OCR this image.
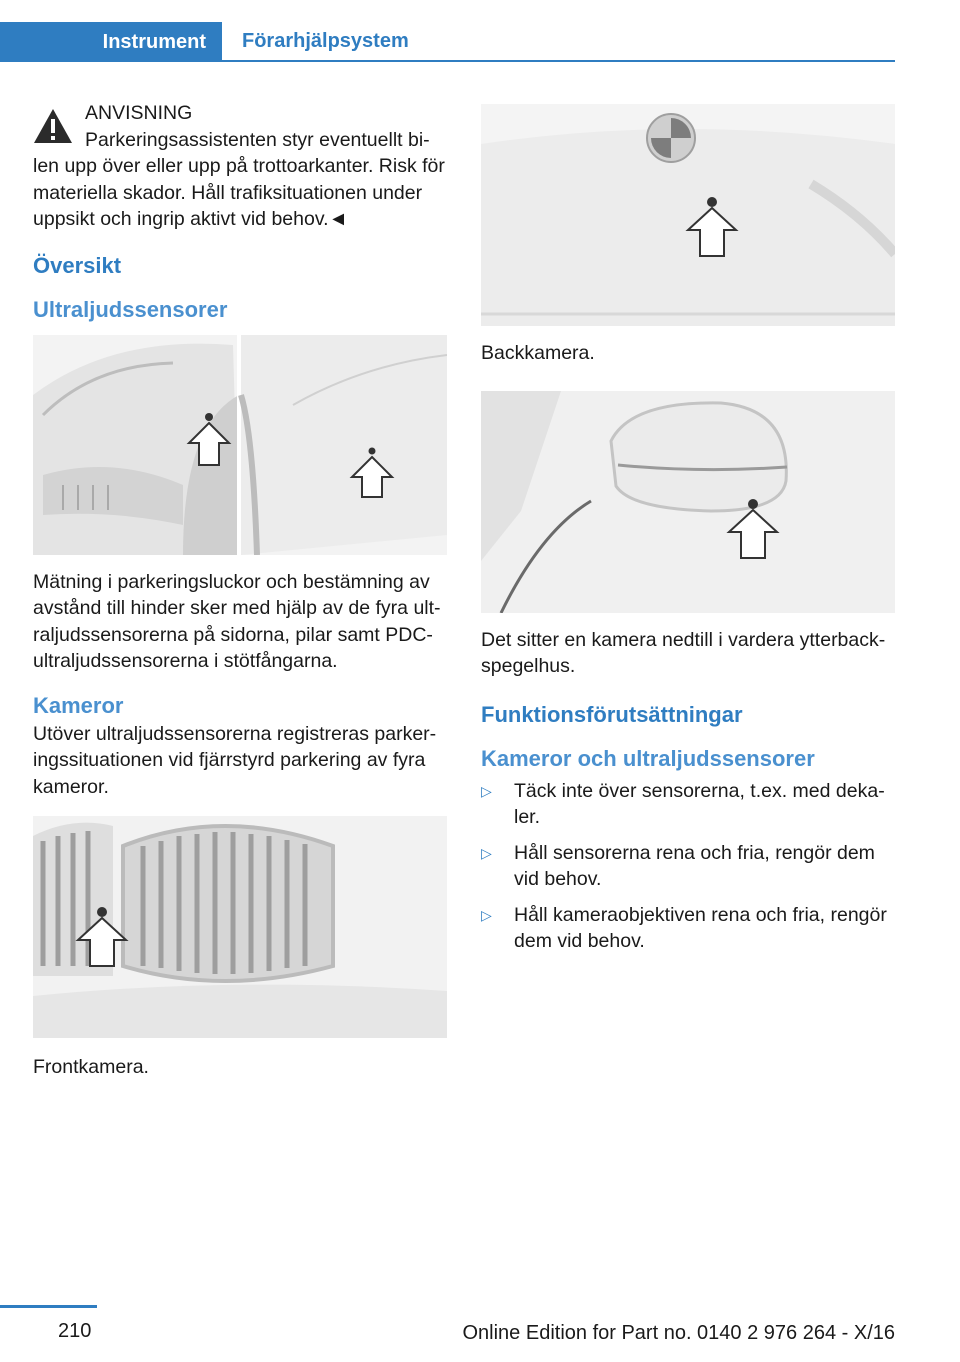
Instrument Förarhjälpsystem

ANVISNING

Parkeringsassistenten styr eventuellt bilen upp över eller upp på trottoarkanter. Risk för materiella skador. Håll trafiksituationen under uppsikt och ingrip aktivt vid behov.◄

Översikt
Ultraljudssensorer

Mätning i parkeringsluckor och bestämning av avstånd till hinder sker med hjälp av de fyra ultraljudssensorerna på sidorna, pilar samt PDC-ultraljudssensorerna i stötfångarna.

Kameror

Utöver ultraljudssensorerna registreras parkeringssituationen vid fjärrstyrd parkering av fyra kameror.

Frontkamera.

Backkamera.

Det sitter en kamera nedtill i vardera ytterbackspegelhus.

Funktionsförutsättningar
Kameror och ultraljudssensorer
▷ Täck inte över sensorerna, t.ex. med dekaler.
▷ Håll sensorerna rena och fria, rengör dem vid behov.
▷ Håll kameraobjektiven rena och fria, rengör dem vid behov.
210	Online Edition for Part no. 0140 2 976 264 - X/16
